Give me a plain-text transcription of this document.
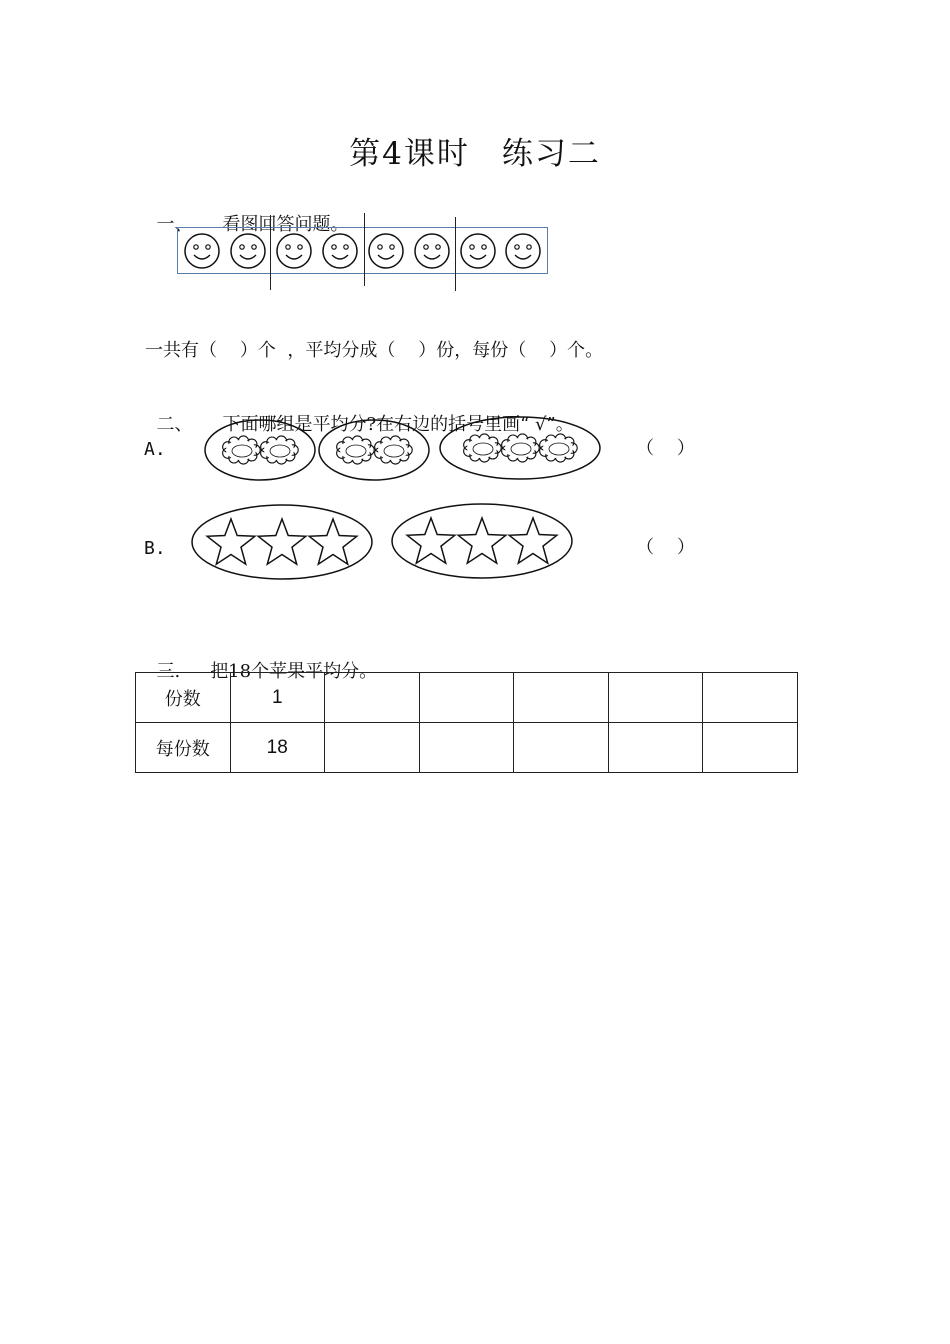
第4课时 练习二

一、 看图回答问题。

一共有（    ）个  ，平均分成（    ）份，每份（    ）个。

二、 下面哪组是平均分?在右边的括号里画“ √”。

A.	（    ）
B.	（    ）

三. 把18个苹果平均分。

份数	1					
每份数	18					
